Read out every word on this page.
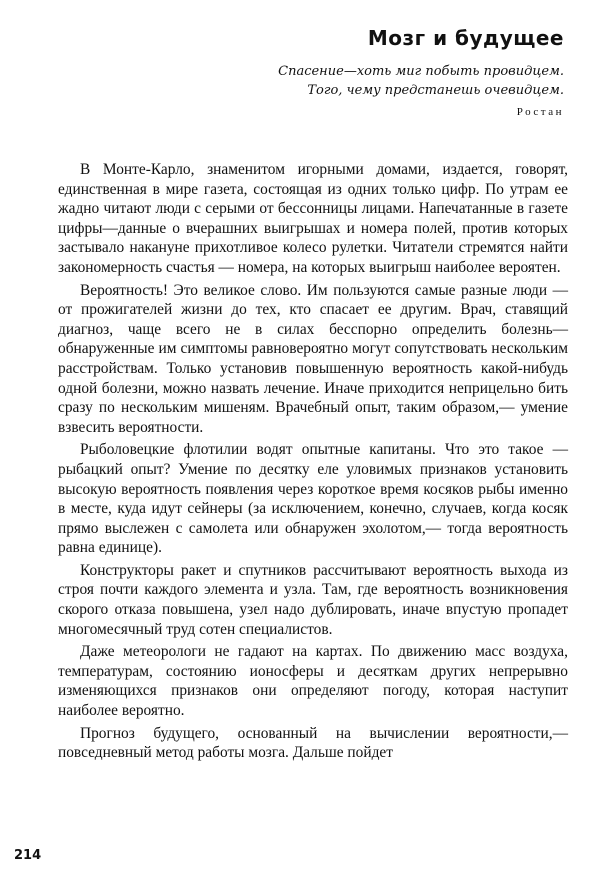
Мозг и будущее
Спасение—хоть миг побыть провидцем.
Того, чему предстанешь очевидцем.
Ростан

В Монте-Карло, знаменитом игорными домами, издается, говорят, единственная в мире газета, состоящая из одних только цифр. По утрам ее жадно читают люди с серыми от бессонницы лицами. Напечатанные в газете цифры—данные о вчерашних выигрышах и номера полей, против которых застывало накануне прихотливое колесо рулетки. Читатели стремятся найти закономерность счастья — номера, на которых выигрыш наиболее вероятен.

Вероятность! Это великое слово. Им пользуются самые разные люди — от прожигателей жизни до тех, кто спасает ее другим. Врач, ставящий диагноз, чаще всего не в силах бесспорно определить болезнь—обнаруженные им симптомы равновероятно могут сопутствовать нескольким расстройствам. Только установив повышенную вероятность какой-нибудь одной болезни, можно назвать лечение. Иначе приходится неприцельно бить сразу по нескольким мишеням. Врачебный опыт, таким образом,— умение взвесить вероятности.

Рыболовецкие флотилии водят опытные капитаны. Что это такое — рыбацкий опыт? Умение по десятку еле уловимых признаков установить высокую вероятность появления через короткое время косяков рыбы именно в месте, куда идут сейнеры (за исключением, конечно, случаев, когда косяк прямо выслежен с самолета или обнаружен эхолотом,— тогда вероятность равна единице).

Конструкторы ракет и спутников рассчитывают вероятность выхода из строя почти каждого элемента и узла. Там, где вероятность возникновения скорого отказа повышена, узел надо дублировать, иначе впустую пропадет многомесячный труд сотен специалистов.

Даже метеорологи не гадают на картах. По движению масс воздуха, температурам, состоянию ионосферы и десяткам других непрерывно изменяющихся признаков они определяют погоду, которая наступит наиболее вероятно.

Прогноз будущего, основанный на вычислении вероятности,— повседневный метод работы мозга. Дальше пойдет

214
